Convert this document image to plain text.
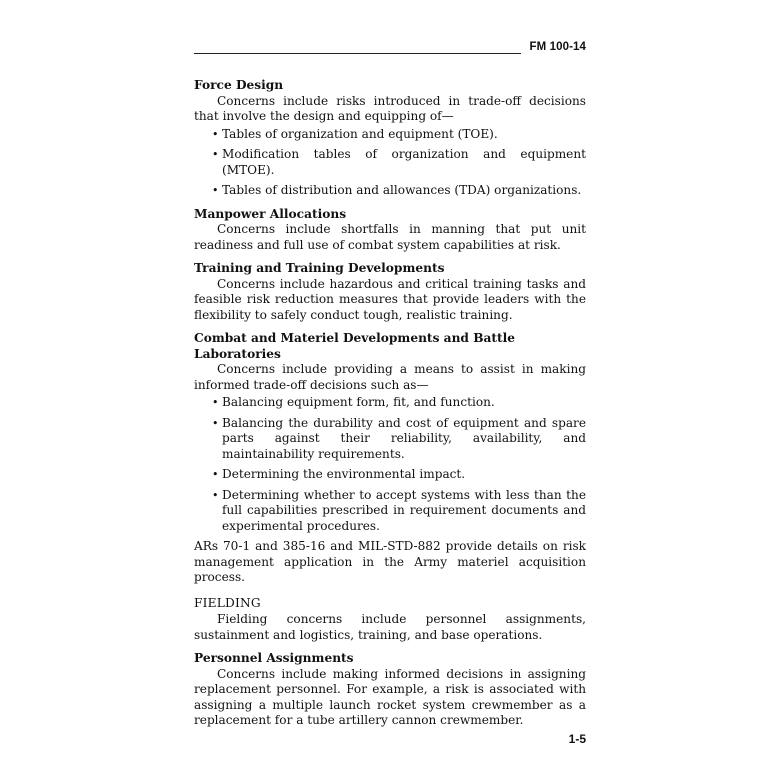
FM 100-14
Force Design

Concerns include risks introduced in trade-off decisions that involve the design and equipping of—

• Tables of organization and equipment (TOE).
• Modification tables of organization and equipment (MTOE).
• Tables of distribution and allowances (TDA) organizations.
Manpower Allocations

Concerns include shortfalls in manning that put unit readiness and full use of combat system capabilities at risk.

Training and Training Developments

Concerns include hazardous and critical training tasks and feasible risk reduction measures that provide leaders with the flexibility to safely conduct tough, realistic training.

Combat and Materiel Developments and Battle Laboratories

Concerns include providing a means to assist in making informed trade-off decisions such as—

• Balancing equipment form, fit, and function.
• Balancing the durability and cost of equipment and spare parts against their reliability, availability, and maintainability requirements.
• Determining the environmental impact.
• Determining whether to accept systems with less than the full capabilities prescribed in requirement documents and experimental procedures.

ARs 70-1 and 385-16 and MIL-STD-882 provide details on risk management application in the Army materiel acquisition process.

FIELDING

Fielding concerns include personnel assignments, sustainment and logistics, training, and base operations.

Personnel Assignments

Concerns include making informed decisions in assigning replacement personnel. For example, a risk is associated with assigning a multiple launch rocket system crewmember as a replacement for a tube artillery cannon crewmember.

1-5
